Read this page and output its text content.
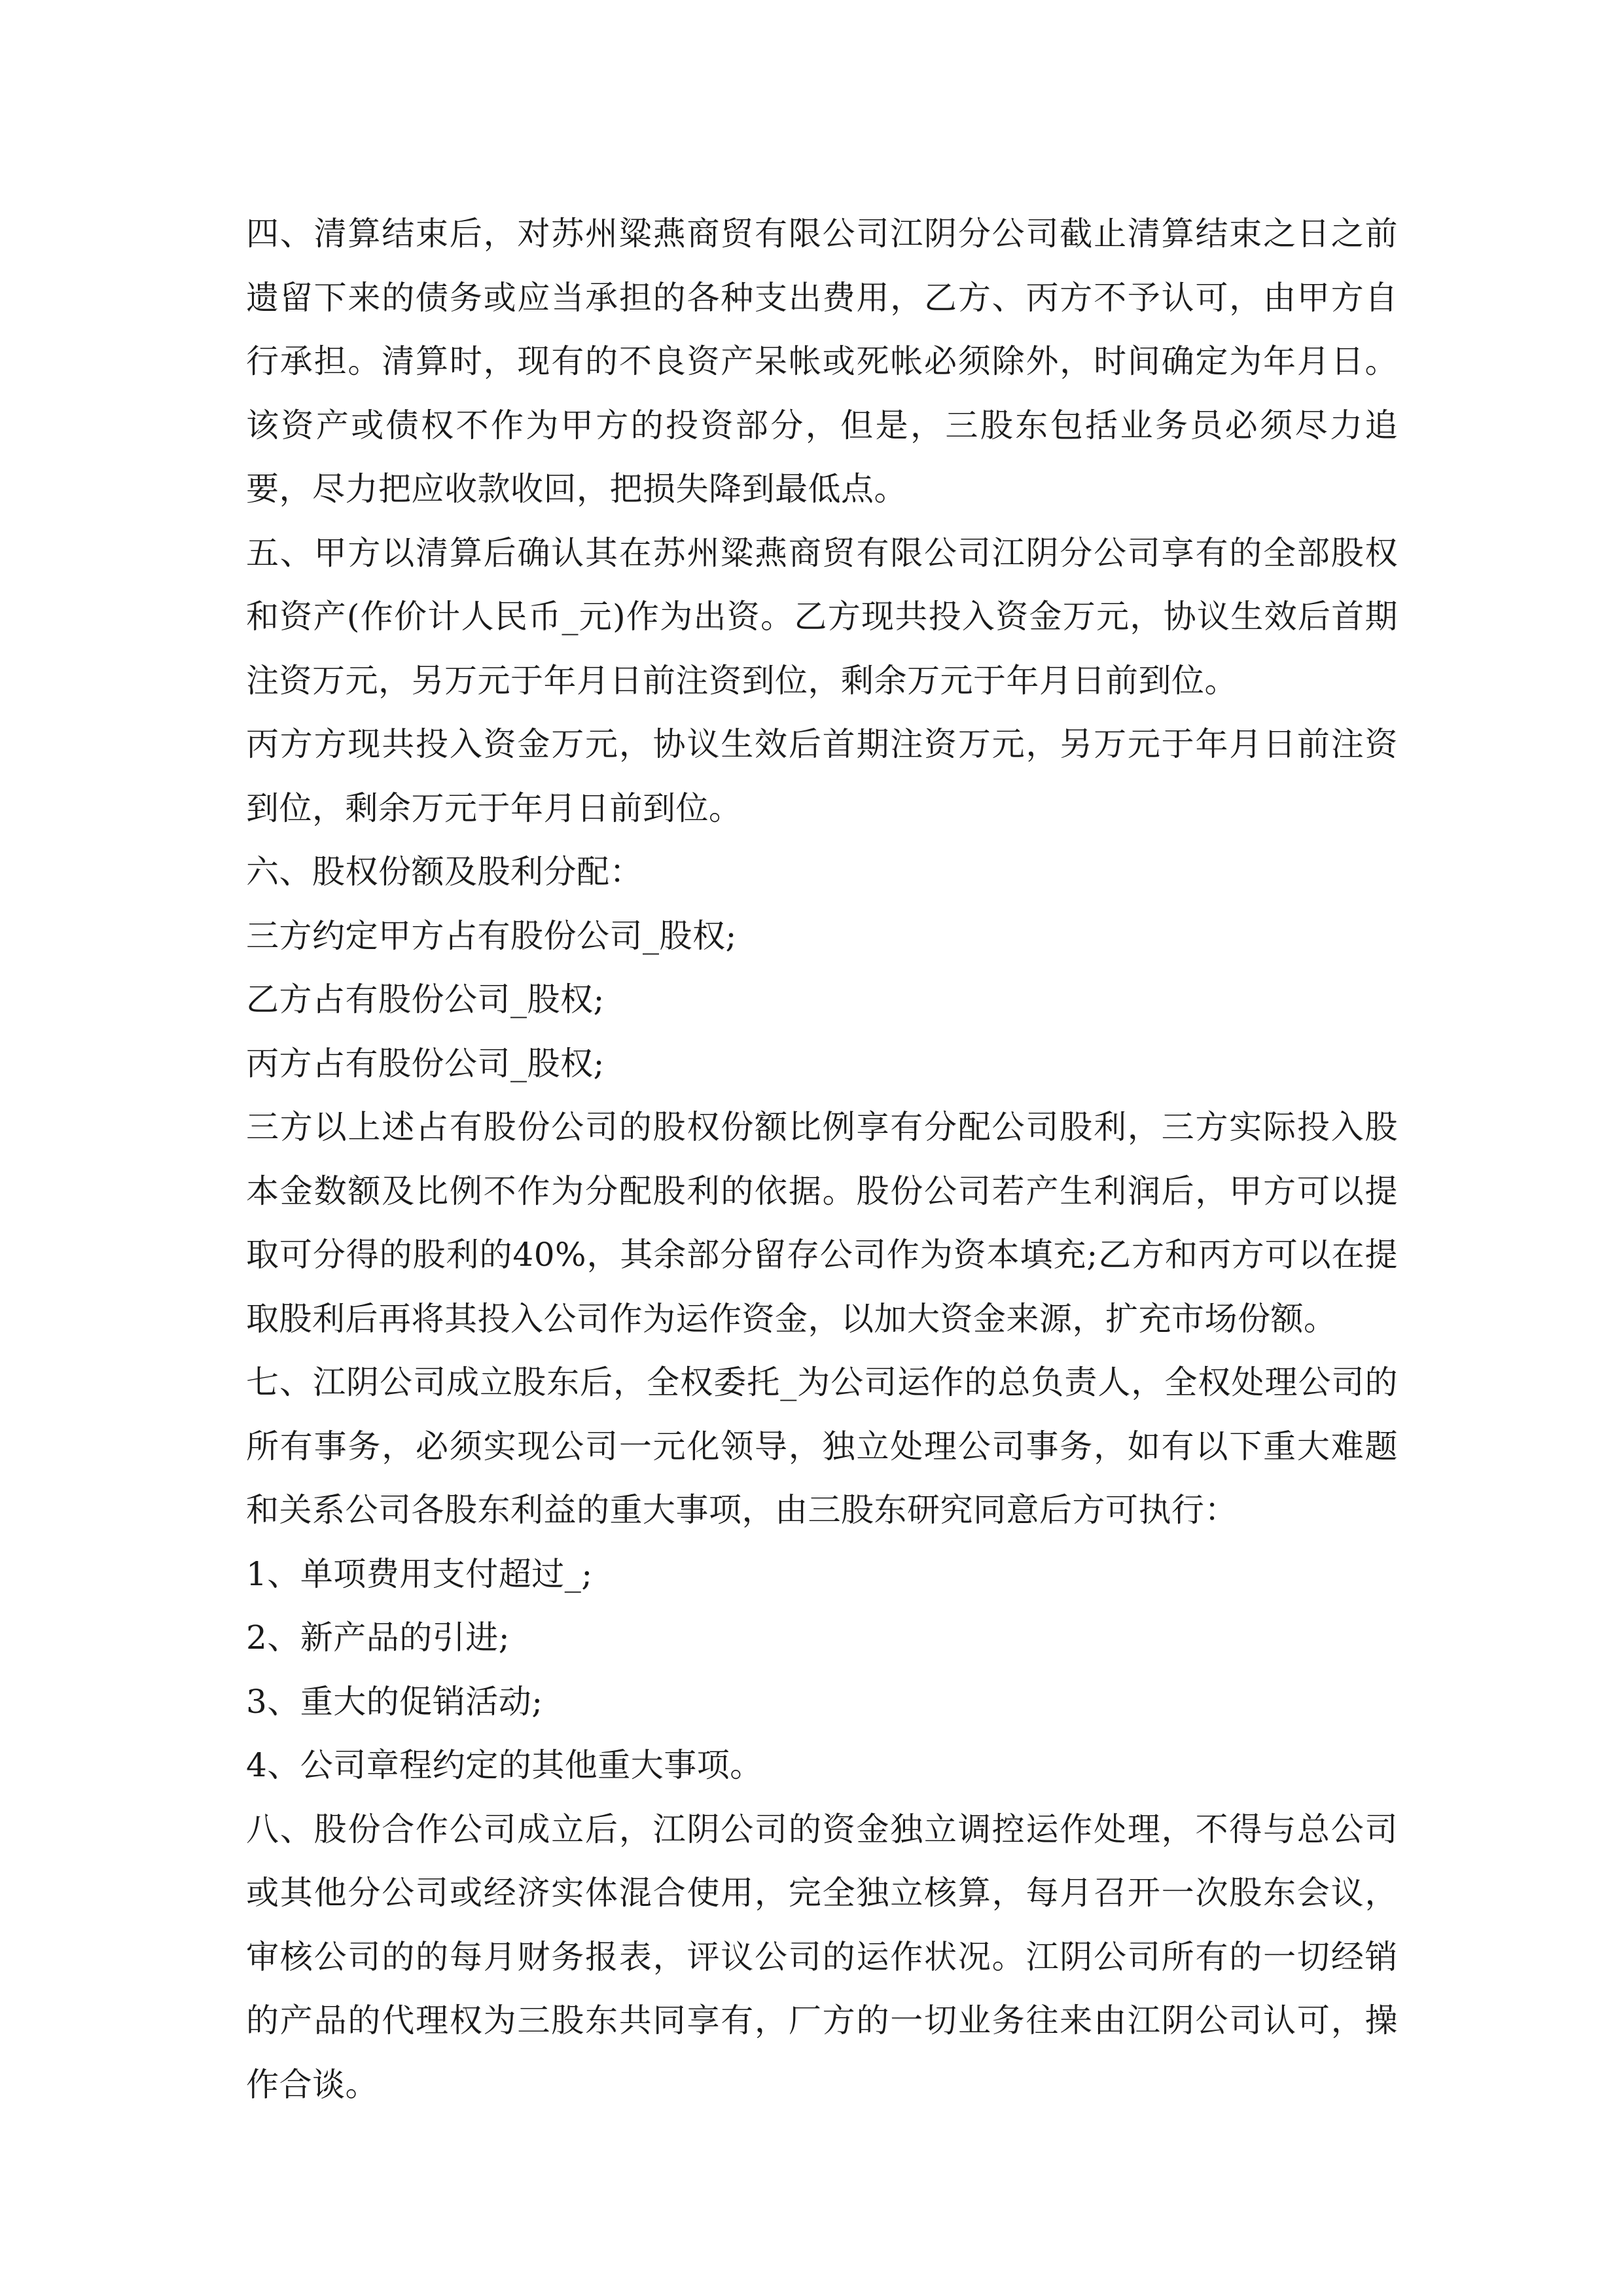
四、清算结束后，对苏州粱燕商贸有限公司江阴分公司截止清算结束之日之前遗留下来的债务或应当承担的各种支出费用，乙方、丙方不予认可，由甲方自行承担。清算时，现有的不良资产呆帐或死帐必须除外，时间确定为年月日。该资产或债权不作为甲方的投资部分，但是，三股东包括业务员必须尽力追要，尽力把应收款收回，把损失降到最低点。

五、甲方以清算后确认其在苏州粱燕商贸有限公司江阴分公司享有的全部股权和资产(作价计人民币_元)作为出资。乙方现共投入资金万元，协议生效后首期注资万元，另万元于年月日前注资到位，剩余万元于年月日前到位。

丙方方现共投入资金万元，协议生效后首期注资万元，另万元于年月日前注资到位，剩余万元于年月日前到位。

六、股权份额及股利分配：

三方约定甲方占有股份公司_股权;

乙方占有股份公司_股权;

丙方占有股份公司_股权;

三方以上述占有股份公司的股权份额比例享有分配公司股利，三方实际投入股本金数额及比例不作为分配股利的依据。股份公司若产生利润后，甲方可以提取可分得的股利的40%，其余部分留存公司作为资本填充;乙方和丙方可以在提取股利后再将其投入公司作为运作资金，以加大资金来源，扩充市场份额。

七、江阴公司成立股东后，全权委托_为公司运作的总负责人，全权处理公司的所有事务，必须实现公司一元化领导，独立处理公司事务，如有以下重大难题和关系公司各股东利益的重大事项，由三股东研究同意后方可执行：

1、单项费用支付超过_;

2、新产品的引进;

3、重大的促销活动;

4、公司章程约定的其他重大事项。

八、股份合作公司成立后，江阴公司的资金独立调控运作处理，不得与总公司或其他分公司或经济实体混合使用，完全独立核算，每月召开一次股东会议，审核公司的的每月财务报表，评议公司的运作状况。江阴公司所有的一切经销的产品的代理权为三股东共同享有，厂方的一切业务往来由江阴公司认可，操作合谈。
